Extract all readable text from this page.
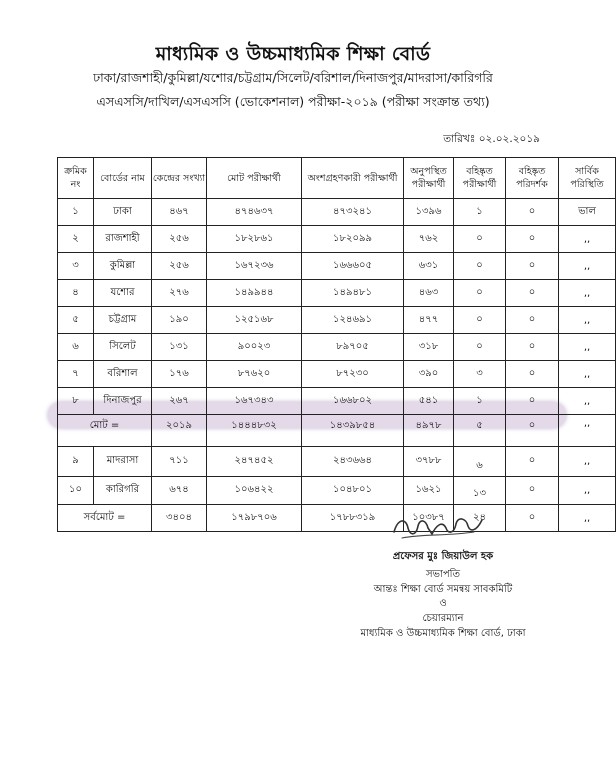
মাধ্যমিক ও উচ্চমাধ্যমিক শিক্ষা বোর্ড
ঢাকা/রাজশাহী/কুমিল্লা/যশোর/চট্টগ্রাম/সিলেট/বরিশাল/দিনাজপুর/মাদরাসা/কারিগরি
এসএসসি/দাখিল/এসএসসি (ভোকেশনাল) পরীক্ষা-২০১৯ (পরীক্ষা সংক্রান্ত তথ্য)
তারিখঃ ০২.০২.২০১৯
ক্রমিক নং	বোর্ডের নাম	কেন্দ্রের সংখ্যা	মোট পরীক্ষার্থী	অংশগ্রহণকারী পরীক্ষার্থী	অনুপস্থিত পরীক্ষার্থী	বহিষ্কৃত পরীক্ষার্থী	বহিষ্কৃত পরিদর্শক	সার্বিক পরিস্থিতি
১	ঢাকা	৪৬৭	৪৭৪৬৩৭	৪৭৩২৪১	১৩৯৬	১	০	ভাল
২	রাজশাহী	২৫৬	১৮২৮৬১	১৮২০৯৯	৭৬২	০	০	,,
৩	কুমিল্লা	২৫৬	১৬৭২৩৬	১৬৬৬০৫	৬৩১	০	০	,,
৪	যশোর	২৭৬	১৪৯৯৪৪	১৪৯৪৮১	৪৬৩	০	০	,,
৫	চট্টগ্রাম	১৯০	১২৫১৬৮	১২৪৬৯১	৪৭৭	০	০	,,
৬	সিলেট	১৩১	৯০০২৩	৮৯৭০৫	৩১৮	০	০	,,
৭	বরিশাল	১৭৬	৮৭৬২০	৮৭২৩০	৩৯০	৩	০	,,
৮	দিনাজপুর	২৬৭	১৬৭৩৪৩	১৬৬৮০২	৫৪১	১	০	,,
মোট =		২০১৯	১৪৪৪৮৩২	১৪৩৯৮৫৪	৪৯৭৮	৫	০	,,
৯	মাদরাসা	৭১১	২৪৭৪৫২	২৪৩৬৬৪	৩৭৮৮	৬	০	,,
১০	কারিগরি	৬৭৪	১০৬৪২২	১০৪৮০১	১৬২১	১৩	০	,,
সর্বমোট =		৩৪০৪	১৭৯৮৭০৬	১৭৮৮৩১৯	১০৩৮৭	২৪	০	,,
প্রফেসর মুঃ জিয়াউল হক
সভাপতি
আন্তঃ শিক্ষা বোর্ড সমন্বয় সাবকমিটি
ও
চেয়ারম্যান
মাধ্যমিক ও উচ্চমাধ্যমিক শিক্ষা বোর্ড, ঢাকা
